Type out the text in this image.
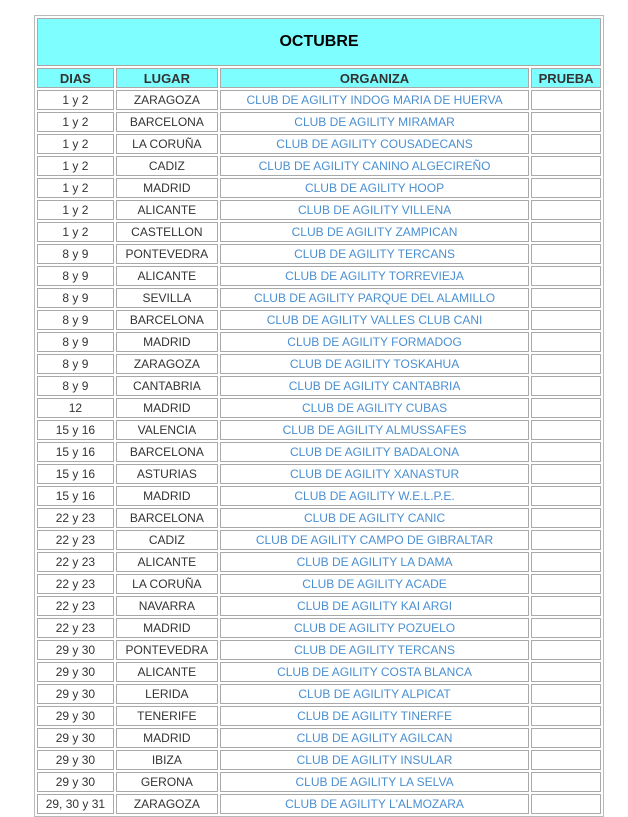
OCTUBRE			
DIAS	LUGAR	ORGANIZA	PRUEBA
1 y 2	ZARAGOZA	CLUB DE AGILITY INDOG MARIA DE HUERVA	
1 y 2	BARCELONA	CLUB DE AGILITY MIRAMAR	
1 y 2	LA CORUÑA	CLUB DE AGILITY COUSADECANS	
1 y 2	CADIZ	CLUB DE AGILITY CANINO ALGECIREÑO	
1 y 2	MADRID	CLUB DE AGILITY HOOP	
1 y 2	ALICANTE	CLUB DE AGILITY VILLENA	
1 y 2	CASTELLON	CLUB DE AGILITY ZAMPICAN	
8 y 9	PONTEVEDRA	CLUB DE AGILITY TERCANS	
8 y 9	ALICANTE	CLUB DE AGILITY TORREVIEJA	
8 y 9	SEVILLA	CLUB DE AGILITY PARQUE DEL ALAMILLO	
8 y 9	BARCELONA	CLUB DE AGILITY VALLES CLUB CANI	
8 y 9	MADRID	CLUB DE AGILITY FORMADOG	
8 y 9	ZARAGOZA	CLUB DE AGILITY TOSKAHUA	
8 y 9	CANTABRIA	CLUB DE AGILITY CANTABRIA	
12	MADRID	CLUB DE AGILITY CUBAS	
15 y 16	VALENCIA	CLUB DE AGILITY ALMUSSAFES	
15 y 16	BARCELONA	CLUB DE AGILITY BADALONA	
15 y 16	ASTURIAS	CLUB DE AGILITY XANASTUR	
15 y 16	MADRID	CLUB DE AGILITY W.E.L.P.E.	
22 y 23	BARCELONA	CLUB DE AGILITY CANIC	
22 y 23	CADIZ	CLUB DE AGILITY CAMPO DE GIBRALTAR	
22 y 23	ALICANTE	CLUB DE AGILITY LA DAMA	
22 y 23	LA CORUÑA	CLUB DE AGILITY ACADE	
22 y 23	NAVARRA	CLUB DE AGILITY KAI ARGI	
22 y 23	MADRID	CLUB DE AGILITY POZUELO	
29 y 30	PONTEVEDRA	CLUB DE AGILITY TERCANS	
29 y 30	ALICANTE	CLUB DE AGILITY COSTA BLANCA	
29 y 30	LERIDA	CLUB DE AGILITY ALPICAT	
29 y 30	TENERIFE	CLUB DE AGILITY TINERFE	
29 y 30	MADRID	CLUB DE AGILITY AGILCAN	
29 y 30	IBIZA	CLUB DE AGILITY INSULAR	
29 y 30	GERONA	CLUB DE AGILITY LA SELVA	
29, 30 y 31	ZARAGOZA	CLUB DE AGILITY L'ALMOZARA	
